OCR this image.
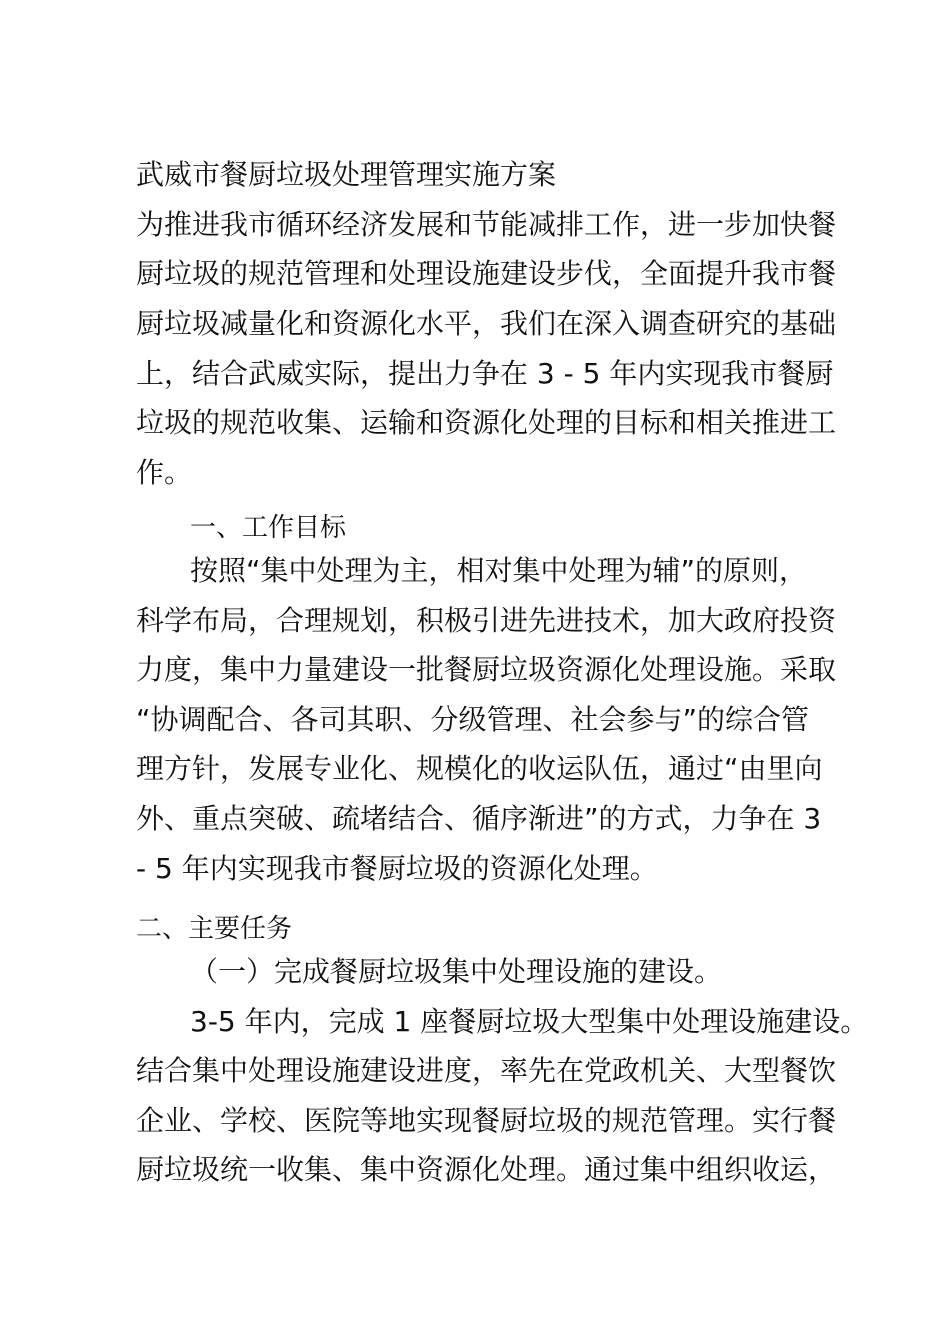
武威市餐厨垃圾处理管理实施方案
为推进我市循环经济发展和节能减排工作，进一步加快餐
厨垃圾的规范管理和处理设施建设步伐，全面提升我市餐
厨垃圾减量化和资源化水平，我们在深入调查研究的基础
上，结合武威实际，提出力争在 3 - 5 年内实现我市餐厨
垃圾的规范收集、运输和资源化处理的目标和相关推进工
作。
一、工作目标
按照“集中处理为主，相对集中处理为辅”的原则，
科学布局，合理规划，积极引进先进技术，加大政府投资
力度，集中力量建设一批餐厨垃圾资源化处理设施。采取
“协调配合、各司其职、分级管理、社会参与”的综合管
理方针，发展专业化、规模化的收运队伍，通过“由里向
外、重点突破、疏堵结合、循序渐进”的方式，力争在 3
- 5 年内实现我市餐厨垃圾的资源化处理。
二、主要任务
（一）完成餐厨垃圾集中处理设施的建设。
3-5 年内，完成 1 座餐厨垃圾大型集中处理设施建设。
结合集中处理设施建设进度，率先在党政机关、大型餐饮
企业、学校、医院等地实现餐厨垃圾的规范管理。实行餐
厨垃圾统一收集、集中资源化处理。通过集中组织收运，
